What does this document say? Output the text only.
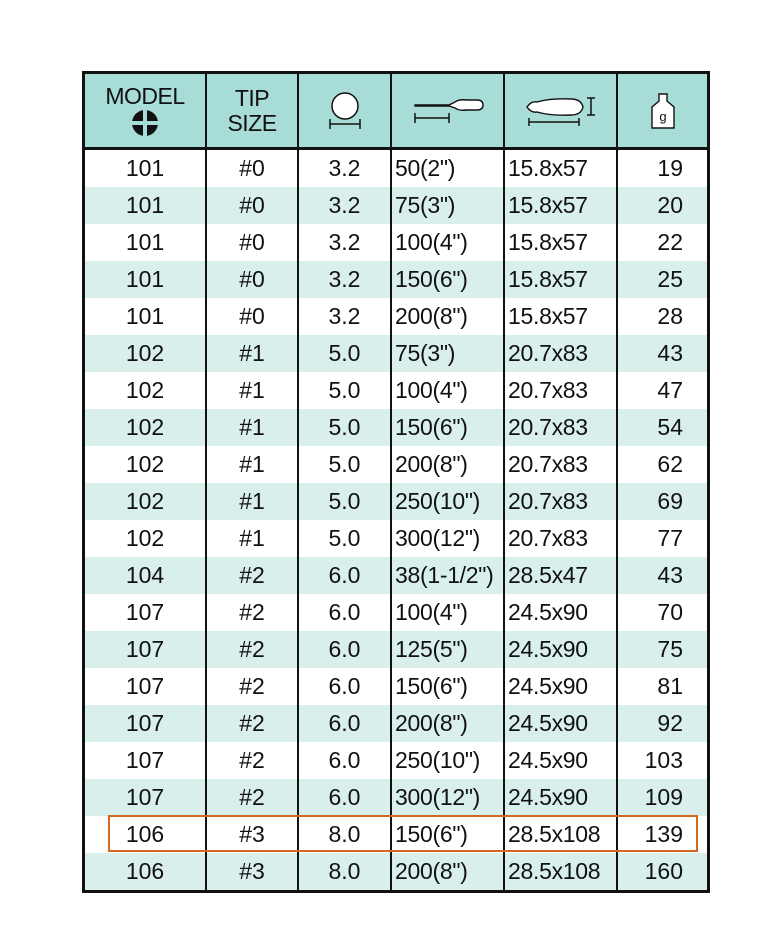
MODEL	TIP
SIZE				g

101	#0	3.2	50(2")	15.8x57	19
101	#0	3.2	75(3")	15.8x57	20
101	#0	3.2	100(4")	15.8x57	22
101	#0	3.2	150(6")	15.8x57	25
101	#0	3.2	200(8")	15.8x57	28
102	#1	5.0	75(3")	20.7x83	43
102	#1	5.0	100(4")	20.7x83	47
102	#1	5.0	150(6")	20.7x83	54
102	#1	5.0	200(8")	20.7x83	62
102	#1	5.0	250(10")	20.7x83	69
102	#1	5.0	300(12")	20.7x83	77
104	#2	6.0	38(1-1/2")	28.5x47	43
107	#2	6.0	100(4")	24.5x90	70
107	#2	6.0	125(5")	24.5x90	75
107	#2	6.0	150(6")	24.5x90	81
107	#2	6.0	200(8")	24.5x90	92
107	#2	6.0	250(10")	24.5x90	103
107	#2	6.0	300(12")	24.5x90	109
106	#3	8.0	150(6")	28.5x108	139
106	#3	8.0	200(8")	28.5x108	160
